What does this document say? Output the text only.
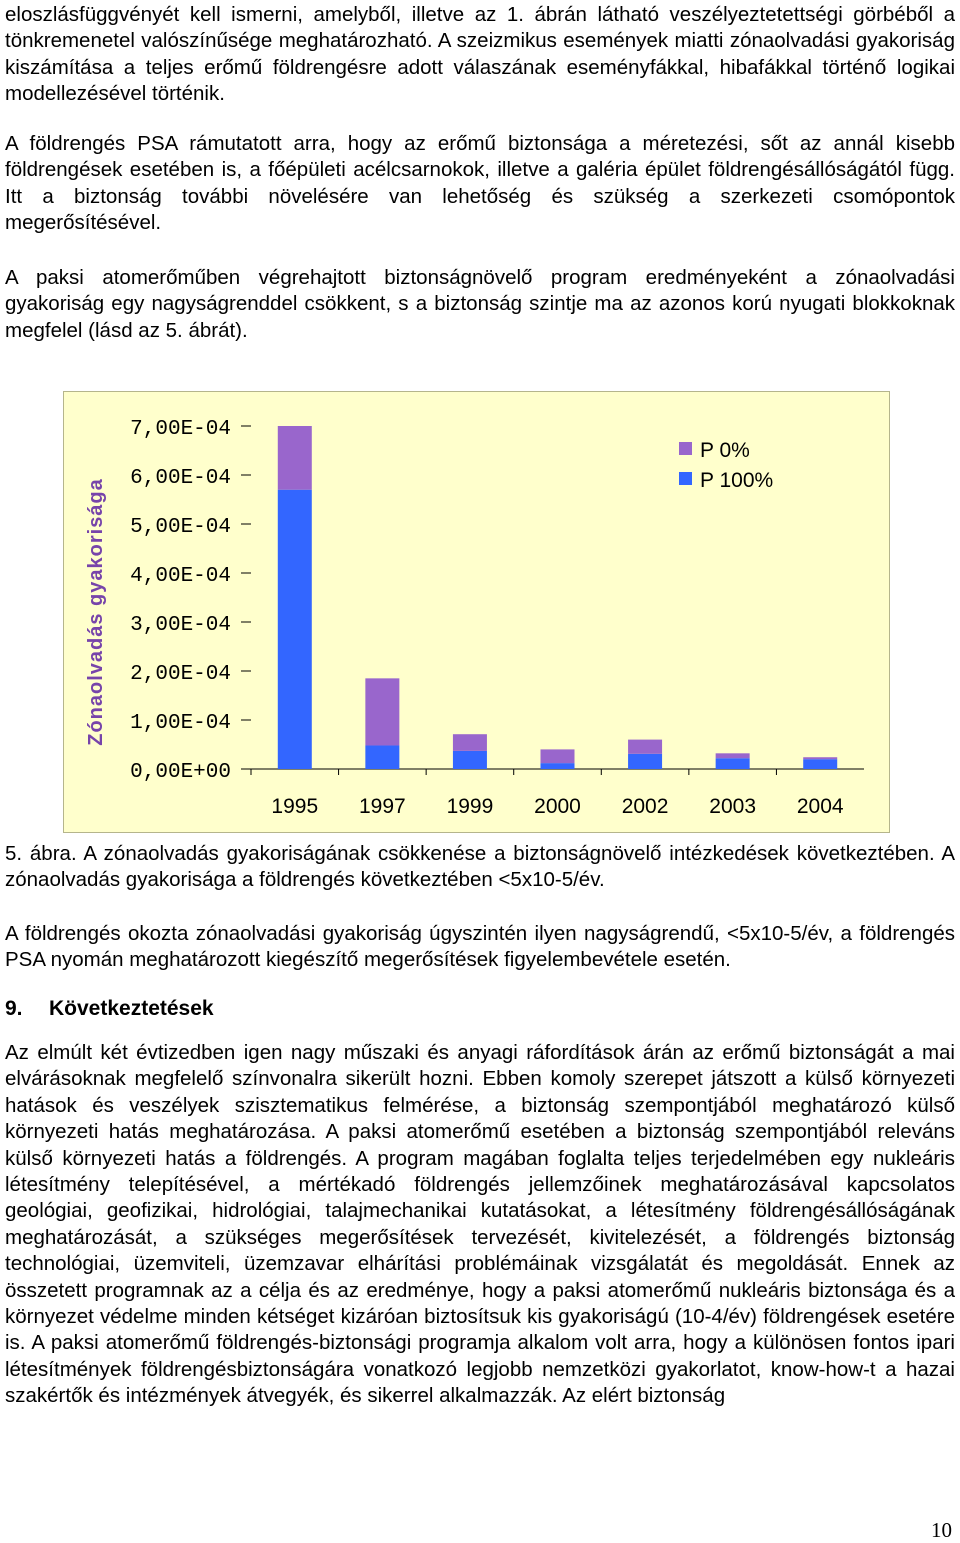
eloszlásfüggvényét kell ismerni, amelyből, illetve az 1. ábrán látható veszélyeztetettségi görbéből a tönkremenetel valószínűsége meghatározható. A szeizmikus események miatti zónaolvadási gyakoriság kiszámítása a teljes erőmű földrengésre adott válaszának eseményfákkal, hibafákkal történő logikai modellezésével történik.

A földrengés PSA rámutatott arra, hogy az erőmű biztonsága a méretezési, sőt az annál kisebb földrengések esetében is, a főépületi acélcsarnokok, illetve a galéria épület földrengésállóságától függ. Itt a biztonság további növelésére van lehetőség és szükség a szerkezeti csomópontok megerősítésével.

A paksi atomerőműben végrehajtott biztonságnövelő program eredményeként a zónaolvadási gyakoriság egy nagyságrenddel csökkent, s a biztonság szintje ma az azonos korú nyugati blokkoknak megfelel (lásd az 5. ábrát).

Zónaolvadás gyakorisága
0,00E+00
1,00E-04
2,00E-04
3,00E-04
4,00E-04
5,00E-04
6,00E-04
7,00E-04
1995 1997 1999 2000 2002 2003 2004
P 0%
P 100%

5. ábra. A zónaolvadás gyakoriságának csökkenése a biztonságnövelő intézkedések következtében. A zónaolvadás gyakorisága a földrengés következtében <5x10-5/év.

A földrengés okozta zónaolvadási gyakoriság úgyszintén ilyen nagyságrendű, <5x10-5/év, a földrengés PSA nyomán meghatározott kiegészítő megerősítések figyelembevétele esetén.

9. Következtetések

Az elmúlt két évtizedben igen nagy műszaki és anyagi ráfordítások árán az erőmű biztonságát a mai elvárásoknak megfelelő színvonalra sikerült hozni. Ebben komoly szerepet játszott a külső környezeti hatások és veszélyek szisztematikus felmérése, a biztonság szempontjából meghatározó külső környezeti hatás meghatározása. A paksi atomerőmű esetében a biztonság szempontjából releváns külső környezeti hatás a földrengés. A program magában foglalta teljes terjedelmében egy nukleáris létesítmény telepítésével, a mértékadó földrengés jellemzőinek meghatározásával kapcsolatos geológiai, geofizikai, hidrológiai, talajmechanikai kutatásokat, a létesítmény földrengésállóságának meghatározását, a szükséges megerősítések tervezését, kivitelezését, a földrengés biztonság technológiai, üzemviteli, üzemzavar elhárítási problémáinak vizsgálatát és megoldását. Ennek az összetett programnak az a célja és az eredménye, hogy a paksi atomerőmű nukleáris biztonsága és a környezet védelme minden kétséget kizáróan biztosítsuk kis gyakoriságú (10-4/év) földrengések esetére is. A paksi atomerőmű földrengés-biztonsági programja alkalom volt arra, hogy a különösen fontos ipari létesítmények földrengésbiztonságára vonatkozó legjobb nemzetközi gyakorlatot, know-how-t a hazai szakértők és intézmények átvegyék, és sikerrel alkalmazzák. Az elért biztonság

10
